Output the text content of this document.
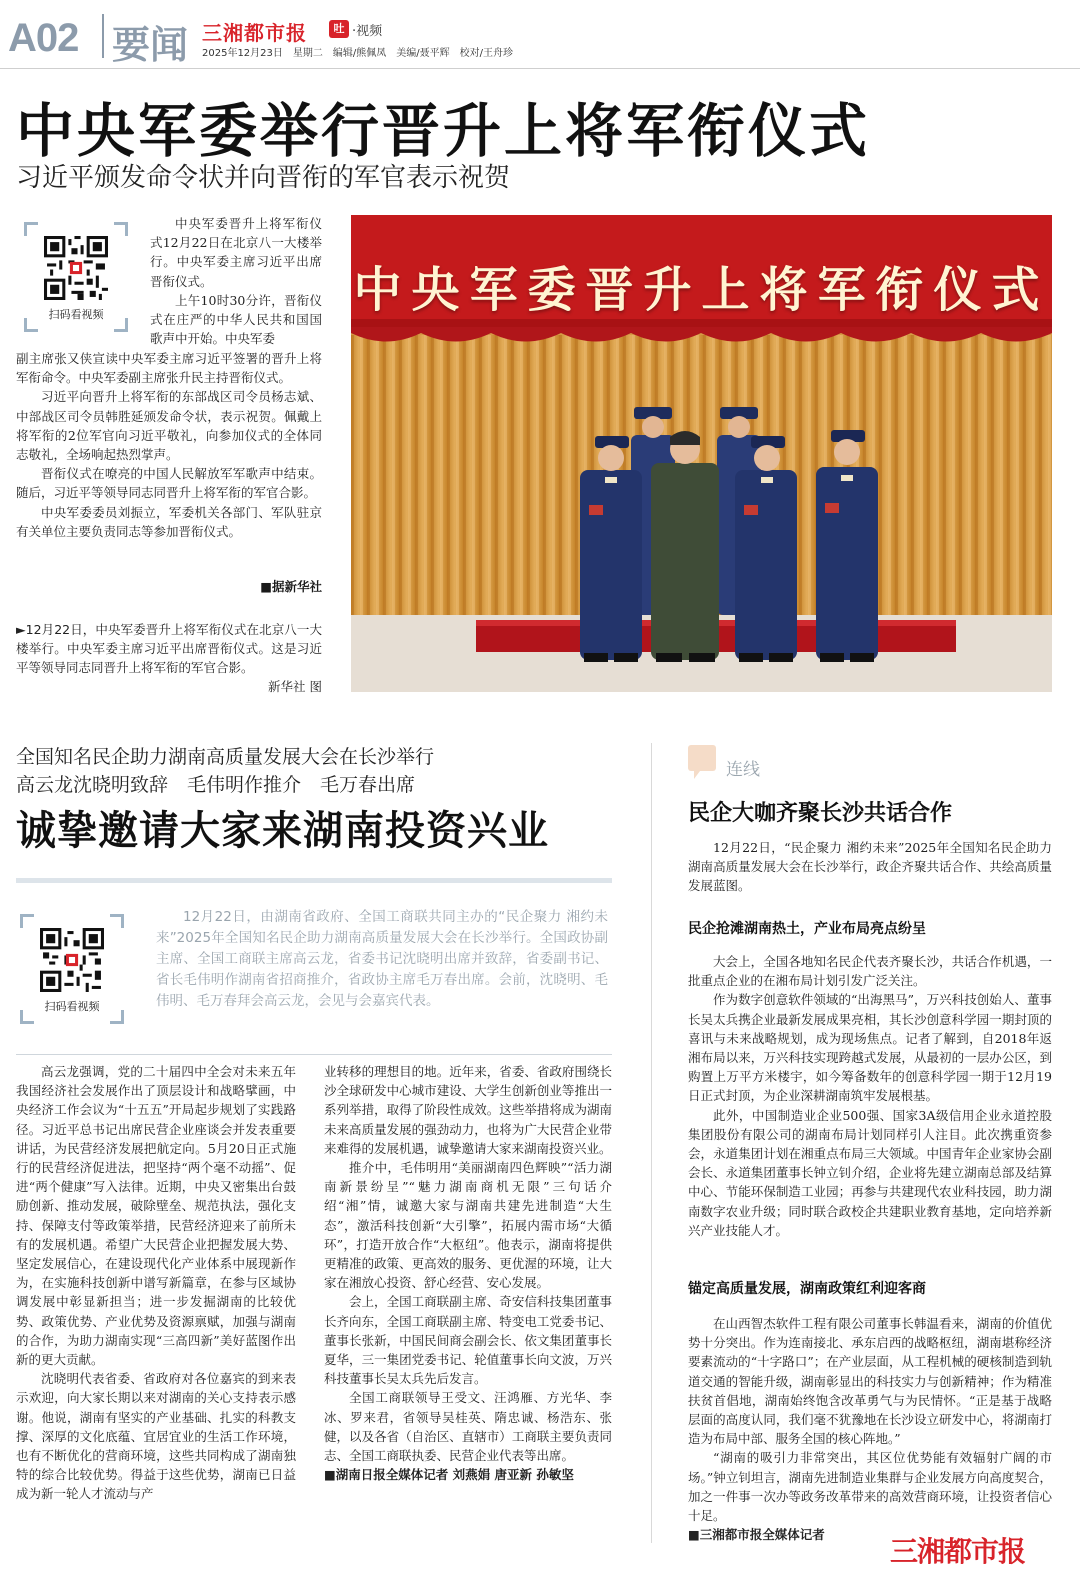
A02 要闻 三湘都市报	吐 ·视频
2025年12月23日　星期二　编辑/熊佩凤　美编/聂平辉　校对/王舟珍
中央军委举行晋升上将军衔仪式
习近平颁发命令状并向晋衔的军官表示祝贺
扫码看视频

中央军委晋升上将军衔仪式12月22日在北京八一大楼举行。中央军委主席习近平出席晋衔仪式。

上午10时30分许，晋衔仪式在庄严的中华人民共和国国歌声中开始。中央军委

副主席张又侠宣读中央军委主席习近平签署的晋升上将军衔命令。中央军委副主席张升民主持晋衔仪式。

习近平向晋升上将军衔的东部战区司令员杨志斌、中部战区司令员韩胜延颁发命令状，表示祝贺。佩戴上将军衔的2位军官向习近平敬礼，向参加仪式的全体同志敬礼，全场响起热烈掌声。

晋衔仪式在嘹亮的中国人民解放军军歌声中结束。随后，习近平等领导同志同晋升上将军衔的军官合影。

中央军委委员刘振立，军委机关各部门、军队驻京有关单位主要负责同志等参加晋衔仪式。

■据新华社
中央军委晋升上将军衔仪式
►12月22日，中央军委晋升上将军衔仪式在北京八一大楼举行。中央军委主席习近平出席晋衔仪式。这是习近平等领导同志同晋升上将军衔的军官合影。
新华社 图
全国知名民企助力湖南高质量发展大会在长沙举行
高云龙沈晓明致辞　毛伟明作推介　毛万春出席
诚挚邀请大家来湖南投资兴业
扫码看视频

12月22日，由湖南省政府、全国工商联共同主办的“民企聚力 湘约未来”2025年全国知名民企助力湖南高质量发展大会在长沙举行。全国政协副主席、全国工商联主席高云龙，省委书记沈晓明出席并致辞，省委副书记、省长毛伟明作湖南省招商推介，省政协主席毛万春出席。会前，沈晓明、毛伟明、毛万春拜会高云龙，会见与会嘉宾代表。

高云龙强调，党的二十届四中全会对未来五年我国经济社会发展作出了顶层设计和战略擘画，中央经济工作会议为“十五五”开局起步规划了实践路径。习近平总书记出席民营企业座谈会并发表重要讲话，为民营经济发展把航定向。5月20日正式施行的民营经济促进法，把坚持“两个毫不动摇”、促进“两个健康”写入法律。近期，中央又密集出台鼓励创新、推动发展，破除壁垒、规范执法，强化支持、保障支付等政策举措，民营经济迎来了前所未有的发展机遇。希望广大民营企业把握发展大势、坚定发展信心，在建设现代化产业体系中展现新作为，在实施科技创新中谱写新篇章，在参与区域协调发展中彰显新担当；进一步发掘湖南的比较优势、政策优势、产业优势及资源禀赋，加强与湖南的合作，为助力湖南实现“三高四新”美好蓝图作出新的更大贡献。

沈晓明代表省委、省政府对各位嘉宾的到来表示欢迎，向大家长期以来对湖南的关心支持表示感谢。他说，湖南有坚实的产业基础、扎实的科教支撑、深厚的文化底蕴、宜居宜业的生活工作环境，也有不断优化的营商环境，这些共同构成了湖南独特的综合比较优势。得益于这些优势，湖南已日益成为新一轮人才流动与产

业转移的理想目的地。近年来，省委、省政府围绕长沙全球研发中心城市建设、大学生创新创业等推出一系列举措，取得了阶段性成效。这些举措将成为湖南未来高质量发展的强劲动力，也将为广大民营企业带来难得的发展机遇，诚挚邀请大家来湖南投资兴业。

推介中，毛伟明用“美丽湖南四色辉映”“活力湖南新景纷呈”“魅力湖南商机无限”三句话介绍“湘”情，诚邀大家与湖南共建先进制造“大生态”，激活科技创新“大引擎”，拓展内需市场“大循环”，打造开放合作“大枢纽”。他表示，湖南将提供更精准的政策、更高效的服务、更优渥的环境，让大家在湘放心投资、舒心经营、安心发展。

会上，全国工商联副主席、奇安信科技集团董事长齐向东，全国工商联副主席、特变电工党委书记、董事长张新，中国民间商会副会长、依文集团董事长夏华，三一集团党委书记、轮值董事长向文波，万兴科技董事长吴太兵先后发言。

全国工商联领导王受文、汪鸿雁、方光华、李冰、罗来君，省领导吴桂英、隋忠诚、杨浩东、张健，以及各省（自治区、直辖市）工商联主要负责同志、全国工商联执委、民营企业代表等出席。

■湖南日报全媒体记者 刘燕娟 唐亚新 孙敏坚

连线
民企大咖齐聚长沙共话合作

12月22日，“民企聚力 湘约未来”2025年全国知名民企助力湖南高质量发展大会在长沙举行，政企齐聚共话合作、共绘高质量发展蓝图。

民企抢滩湖南热土，产业布局亮点纷呈

大会上，全国各地知名民企代表齐聚长沙，共话合作机遇，一批重点企业的在湘布局计划引发广泛关注。

作为数字创意软件领域的“出海黑马”，万兴科技创始人、董事长吴太兵携企业最新发展成果亮相，其长沙创意科学园一期封顶的喜讯与未来战略规划，成为现场焦点。记者了解到，自2018年返湘布局以来，万兴科技实现跨越式发展，从最初的一层办公区，到购置上万平方米楼宇，如今筹备数年的创意科学园一期于12月19日正式封顶，为企业深耕湖南筑牢发展根基。

此外，中国制造业企业500强、国家3A级信用企业永道控股集团股份有限公司的湖南布局计划同样引人注目。此次携重资参会，永道集团计划在湘重点布局三大领域。中国青年企业家协会副会长、永道集团董事长钟立钊介绍，企业将先建立湖南总部及结算中心、节能环保制造工业园；再参与共建现代农业科技园，助力湖南数字农业升级；同时联合政校企共建职业教育基地，定向培养新兴产业技能人才。

锚定高质量发展，湖南政策红利迎客商

在山西智杰软件工程有限公司董事长韩温看来，湖南的价值优势十分突出。作为连南接北、承东启西的战略枢纽，湖南堪称经济要素流动的“十字路口”；在产业层面，从工程机械的硬核制造到轨道交通的智能升级，湖南彰显出的科技实力与创新精神；作为精准扶贫首倡地，湖南始终饱含改革勇气与为民情怀。“正是基于战略层面的高度认同，我们毫不犹豫地在长沙设立研发中心，将湖南打造为布局中部、服务全国的核心阵地。”

“湖南的吸引力非常突出，其区位优势能有效辐射广阔的市场。”钟立钊坦言，湖南先进制造业集群与企业发展方向高度契合，加之一件事一次办等政务改革带来的高效营商环境，让投资者信心十足。

■三湘都市报全媒体记者

三湘都市报
